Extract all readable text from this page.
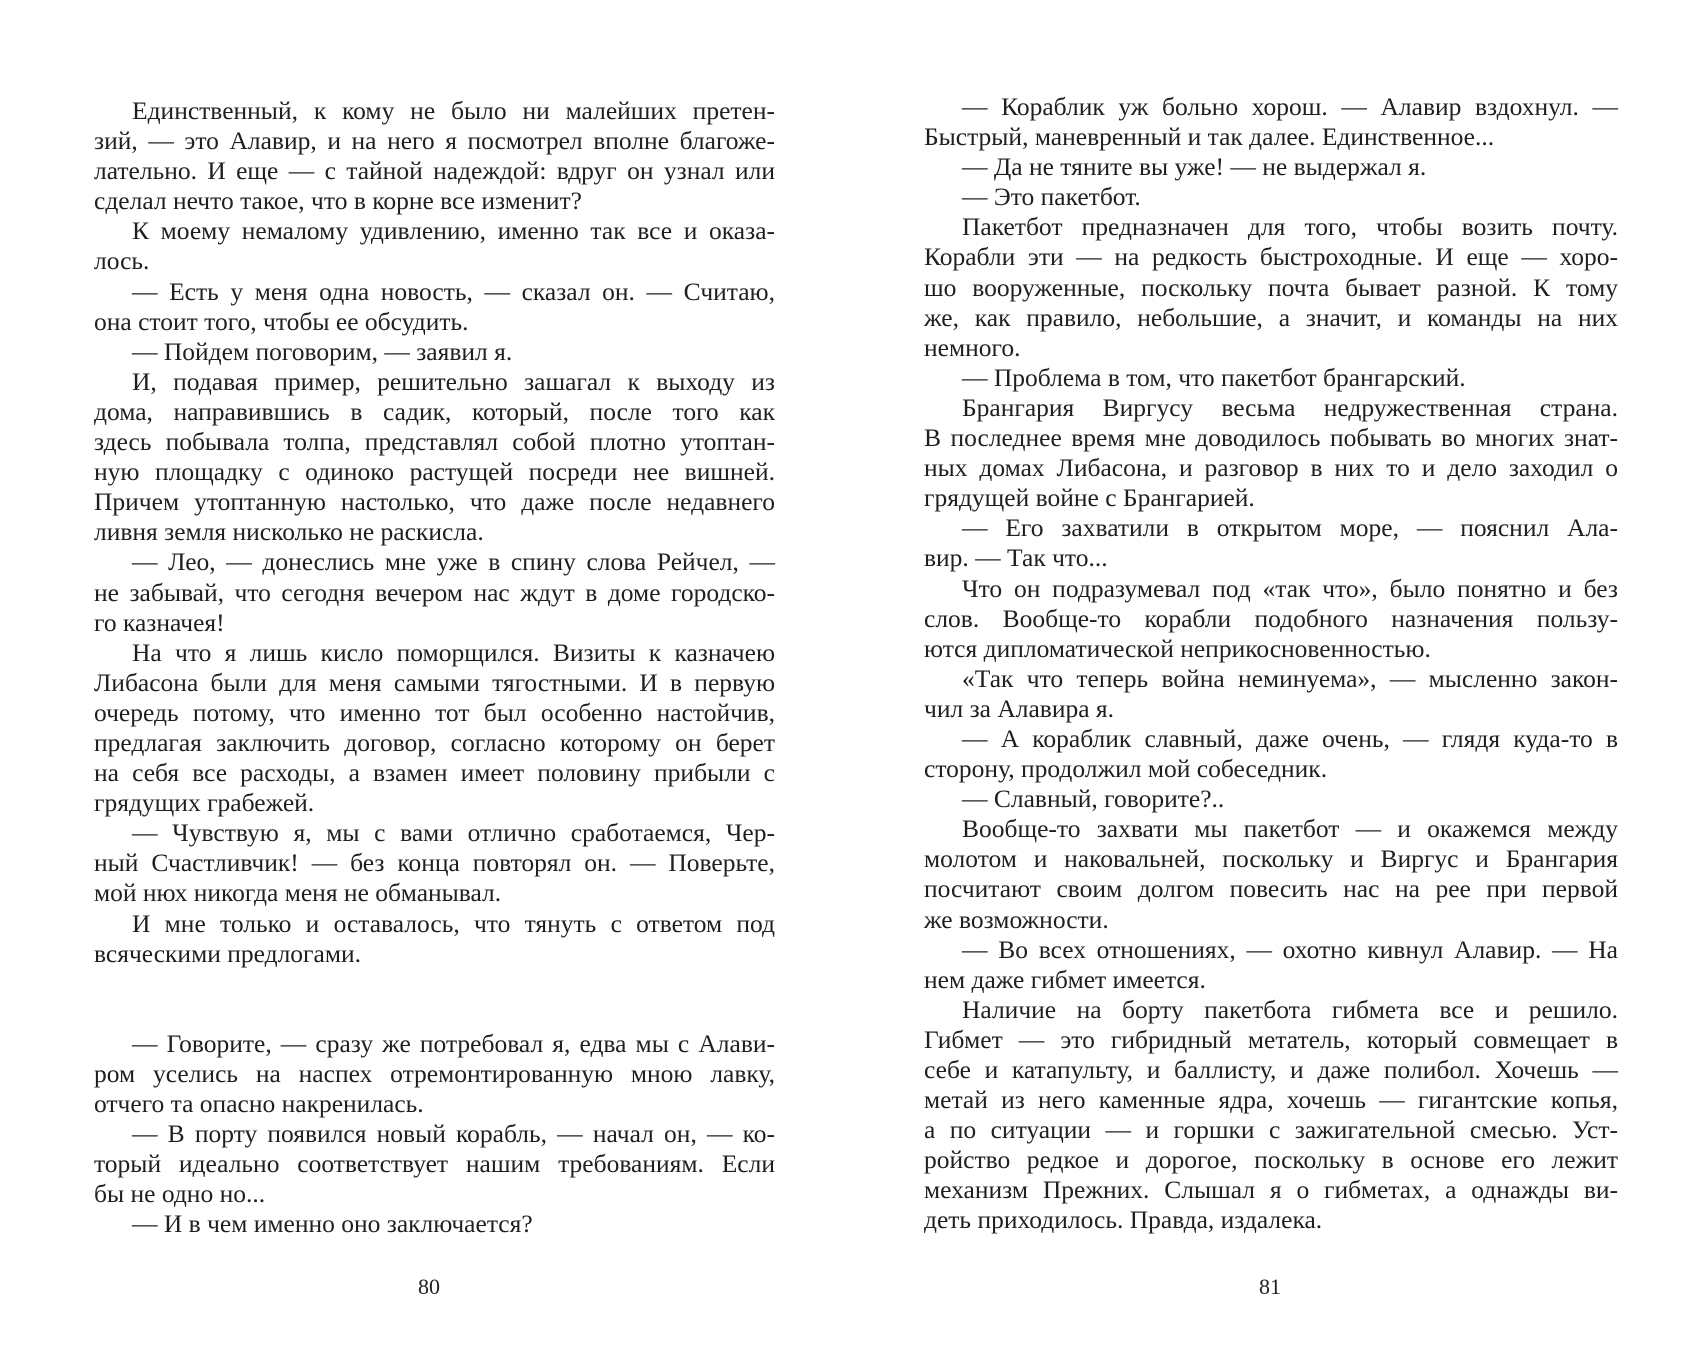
Единственный, к кому не было ни малейших претен-
зий, — это Алавир, и на него я посмотрел вполне благоже-
лательно. И еще — с тайной надеждой: вдруг он узнал или
сделал нечто такое, что в корне все изменит?
К моему немалому удивлению, именно так все и оказа-
лось.
— Есть у меня одна новость, — сказал он. — Считаю,
она стоит того, чтобы ее обсудить.
— Пойдем поговорим, — заявил я.
И, подавая пример, решительно зашагал к выходу из
дома, направившись в садик, который, после того как
здесь побывала толпа, представлял собой плотно утоптан-
ную площадку с одиноко растущей посреди нее вишней.
Причем утоптанную настолько, что даже после недавнего
ливня земля нисколько не раскисла.
— Лео, — донеслись мне уже в спину слова Рейчел, —
не забывай, что сегодня вечером нас ждут в доме городско-
го казначея!
На что я лишь кисло поморщился. Визиты к казначею
Либасона были для меня самыми тягостными. И в первую
очередь потому, что именно тот был особенно настойчив,
предлагая заключить договор, согласно которому он берет
на себя все расходы, а взамен имеет половину прибыли с
грядущих грабежей.
— Чувствую я, мы с вами отлично сработаемся, Чер-
ный Счастливчик! — без конца повторял он. — Поверьте,
мой нюх никогда меня не обманывал.
И мне только и оставалось, что тянуть с ответом под
всяческими предлогами.
— Говорите, — сразу же потребовал я, едва мы с Алави-
ром уселись на наспех отремонтированную мною лавку,
отчего та опасно накренилась.
— В порту появился новый корабль, — начал он, — ко-
торый идеально соответствует нашим требованиям. Если
бы не одно но...
— И в чем именно оно заключается?
80
— Кораблик уж больно хорош. — Алавир вздохнул. —
Быстрый, маневренный и так далее. Единственное...
— Да не тяните вы уже! — не выдержал я.
— Это пакетбот.
Пакетбот предназначен для того, чтобы возить почту.
Корабли эти — на редкость быстроходные. И еще — хоро-
шо вооруженные, поскольку почта бывает разной. К тому
же, как правило, небольшие, а значит, и команды на них
немного.
— Проблема в том, что пакетбот брангарский.
Брангария Виргусу весьма недружественная страна.
В последнее время мне доводилось побывать во многих знат-
ных домах Либасона, и разговор в них то и дело заходил о
грядущей войне с Брангарией.
— Его захватили в открытом море, — пояснил Ала-
вир. — Так что...
Что он подразумевал под «так что», было понятно и без
слов. Вообще-то корабли подобного назначения пользу-
ются дипломатической неприкосновенностью.
«Так что теперь война неминуема», — мысленно закон-
чил за Алавира я.
— А кораблик славный, даже очень, — глядя куда-то в
сторону, продолжил мой собеседник.
— Славный, говорите?..
Вообще-то захвати мы пакетбот — и окажемся между
молотом и наковальней, поскольку и Виргус и Брангария
посчитают своим долгом повесить нас на рее при первой
же возможности.
— Во всех отношениях, — охотно кивнул Алавир. — На
нем даже гибмет имеется.
Наличие на борту пакетбота гибмета все и решило.
Гибмет — это гибридный метатель, который совмещает в
себе и катапульту, и баллисту, и даже полибол. Хочешь —
метай из него каменные ядра, хочешь — гигантские копья,
а по ситуации — и горшки с зажигательной смесью. Уст-
ройство редкое и дорогое, поскольку в основе его лежит
механизм Прежних. Слышал я о гибметах, а однажды ви-
деть приходилось. Правда, издалека.
81
